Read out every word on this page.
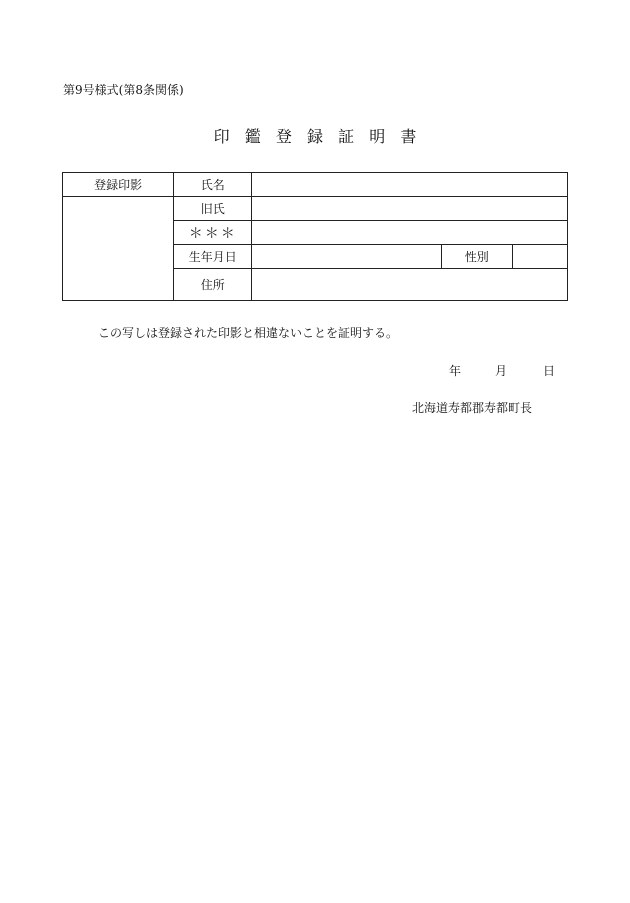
第9号様式(第8条関係)
印 鑑 登 録 証 明 書
登録印影	氏名			
	旧氏			
	＊＊＊			
	生年月日		性別	
	住所			
この写しは登録された印影と相違ないことを証明する。
年	月	日
北海道寿都郡寿都町長
